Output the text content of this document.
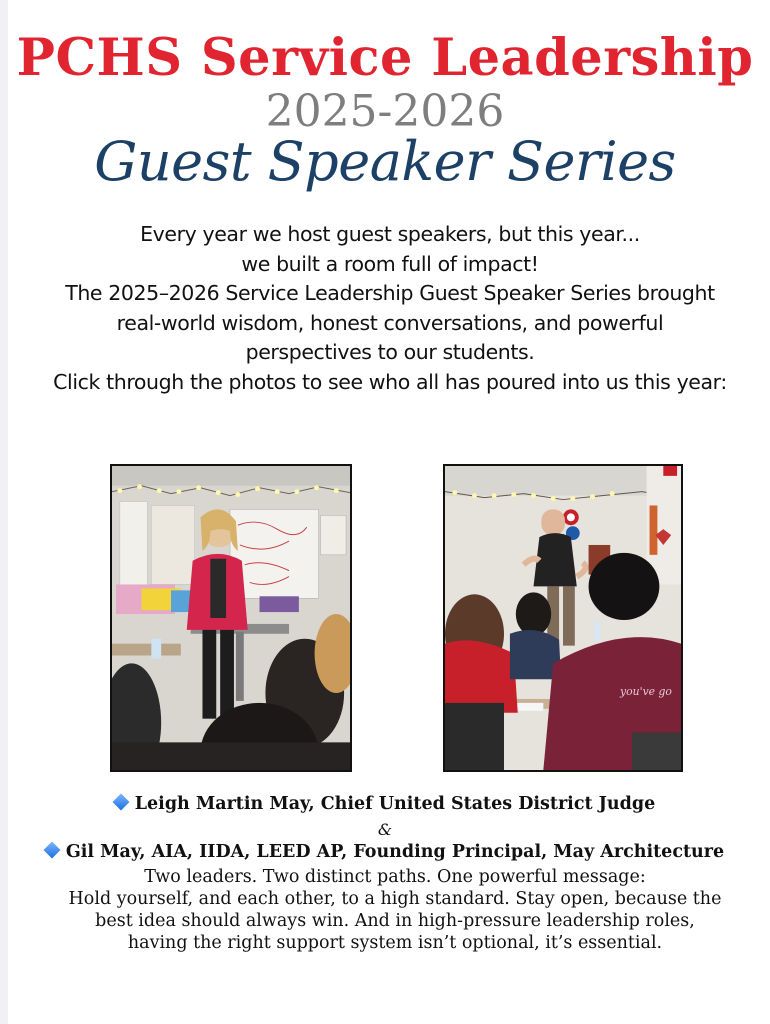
PCHS Service Leadership
2025-2026
Guest Speaker Series
Every year we host guest speakers, but this year...
we built a room full of impact!
The 2025–2026 Service Leadership Guest Speaker Series brought
real-world wisdom, honest conversations, and powerful
perspectives to our students.
Click through the photos to see who all has poured into us this year:
you've go
Leigh Martin May, Chief United States District Judge
&
Gil May, AIA, IIDA, LEED AP, Founding Principal, May Architecture
Two leaders. Two distinct paths. One powerful message:
Hold yourself, and each other, to a high standard. Stay open, because the
best idea should always win. And in high-pressure leadership roles,
having the right support system isn’t optional, it’s essential.
